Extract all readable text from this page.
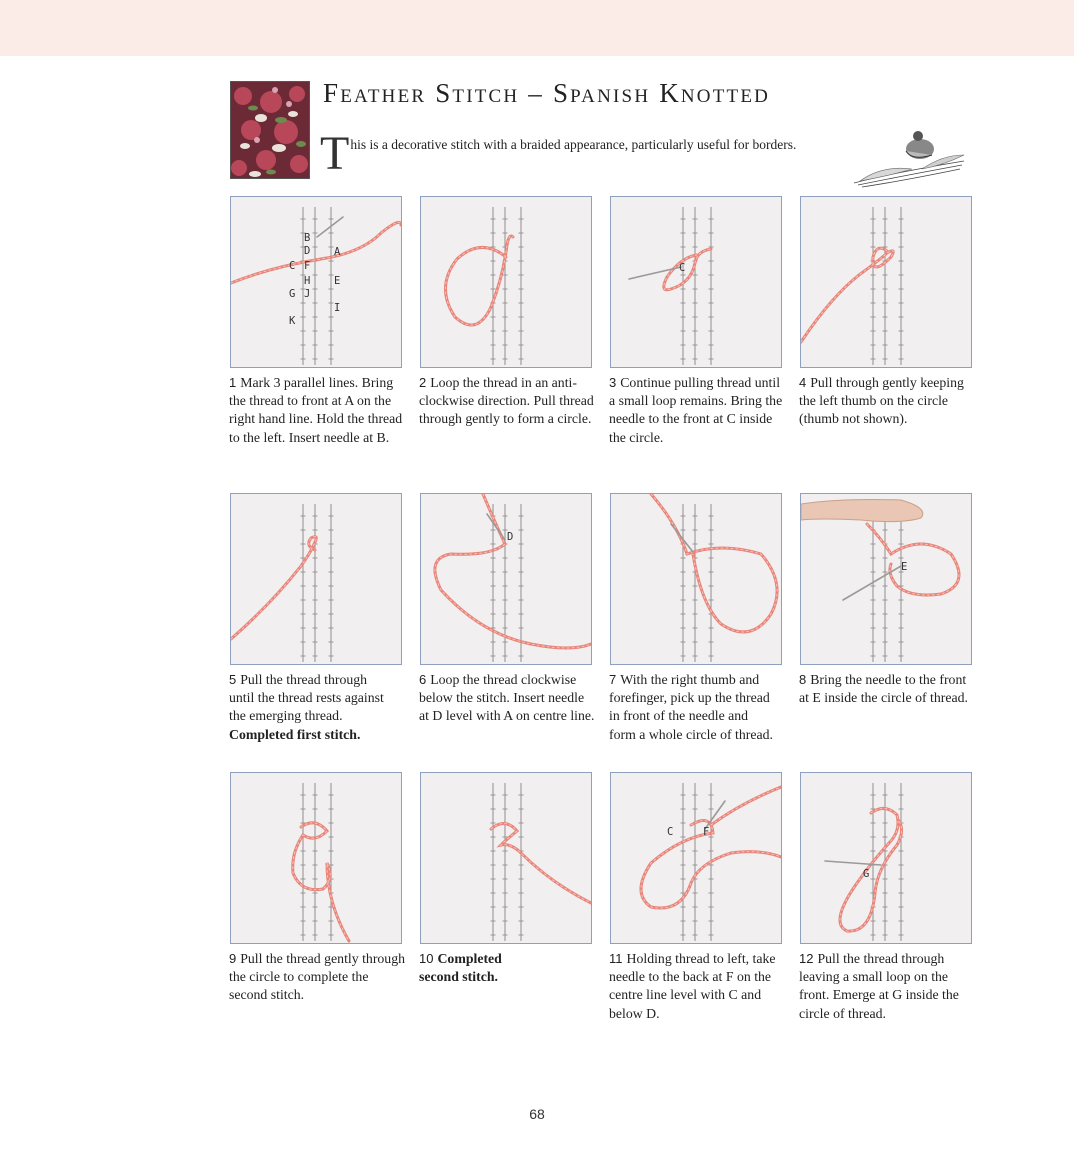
Feather Stitch – Spanish Knotted
T his is a decorative stitch with a braided appearance, particularly useful for borders.
B
D A
C F
H E
G J
I
K
C
D
E
C	F
G
1 Mark 3 parallel lines. Bring the thread to front at A on the right hand line. Hold the thread to the left. Insert needle at B.
2 Loop the thread in an anti-clockwise direction. Pull thread through gently to form a circle.
3 Continue pulling thread until a small loop remains. Bring the needle to the front at C inside the circle.
4 Pull through gently keeping the left thumb on the circle (thumb not shown).
5 Pull the thread through until the thread rests against the emerging thread.
Completed first stitch.
6 Loop the thread clockwise below the stitch. Insert needle at D level with A on centre line.
7 With the right thumb and forefinger, pick up the thread in front of the needle and form a whole circle of thread.
8 Bring the needle to the front at E inside the circle of thread.
9 Pull the thread gently through the circle to complete the second stitch.
10 Completed second stitch.
11 Holding thread to left, take needle to the back at F on the centre line level with C and below D.
12 Pull the thread through leaving a small loop on the front. Emerge at G inside the circle of thread.
68
